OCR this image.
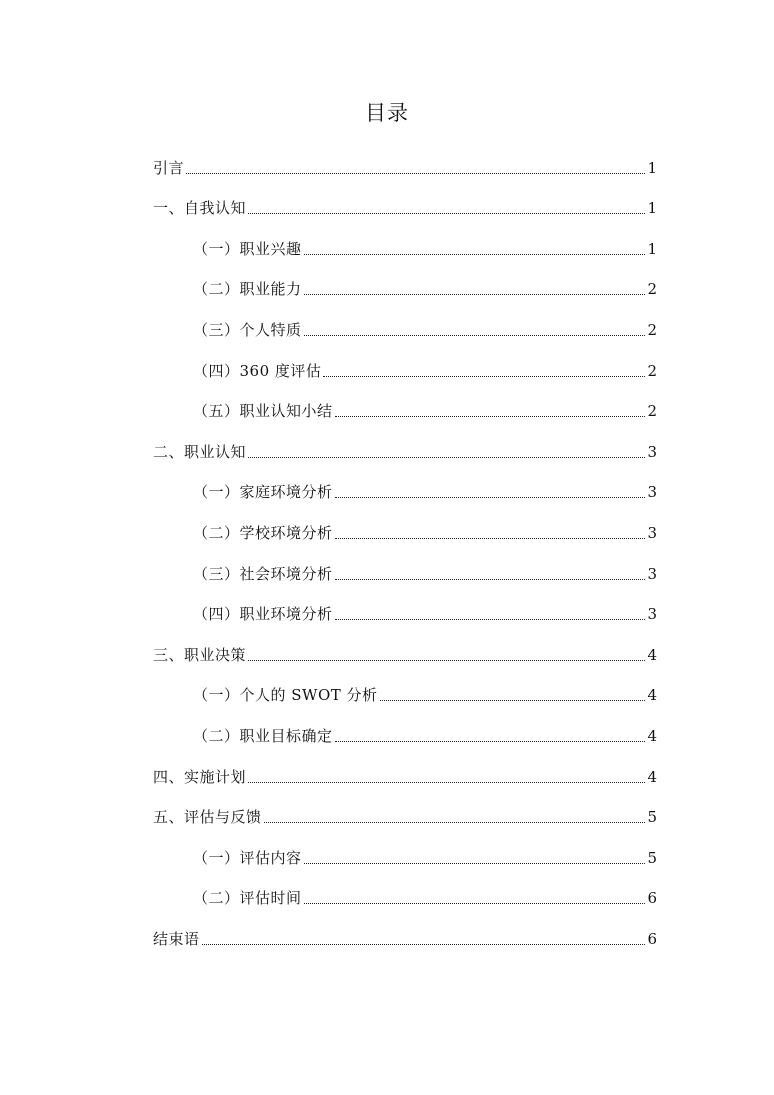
目录
引言	1
一、自我认知	1
（一）职业兴趣	1
（二）职业能力	2
（三）个人特质	2
（四）360 度评估	2
（五）职业认知小结	2
二、职业认知	3
（一）家庭环境分析	3
（二）学校环境分析	3
（三）社会环境分析	3
（四）职业环境分析	3
三、职业决策	4
（一）个人的 SWOT 分析	4
（二）职业目标确定	4
四、实施计划	4
五、评估与反馈	5
（一）评估内容	5
（二）评估时间	6
结束语	6
